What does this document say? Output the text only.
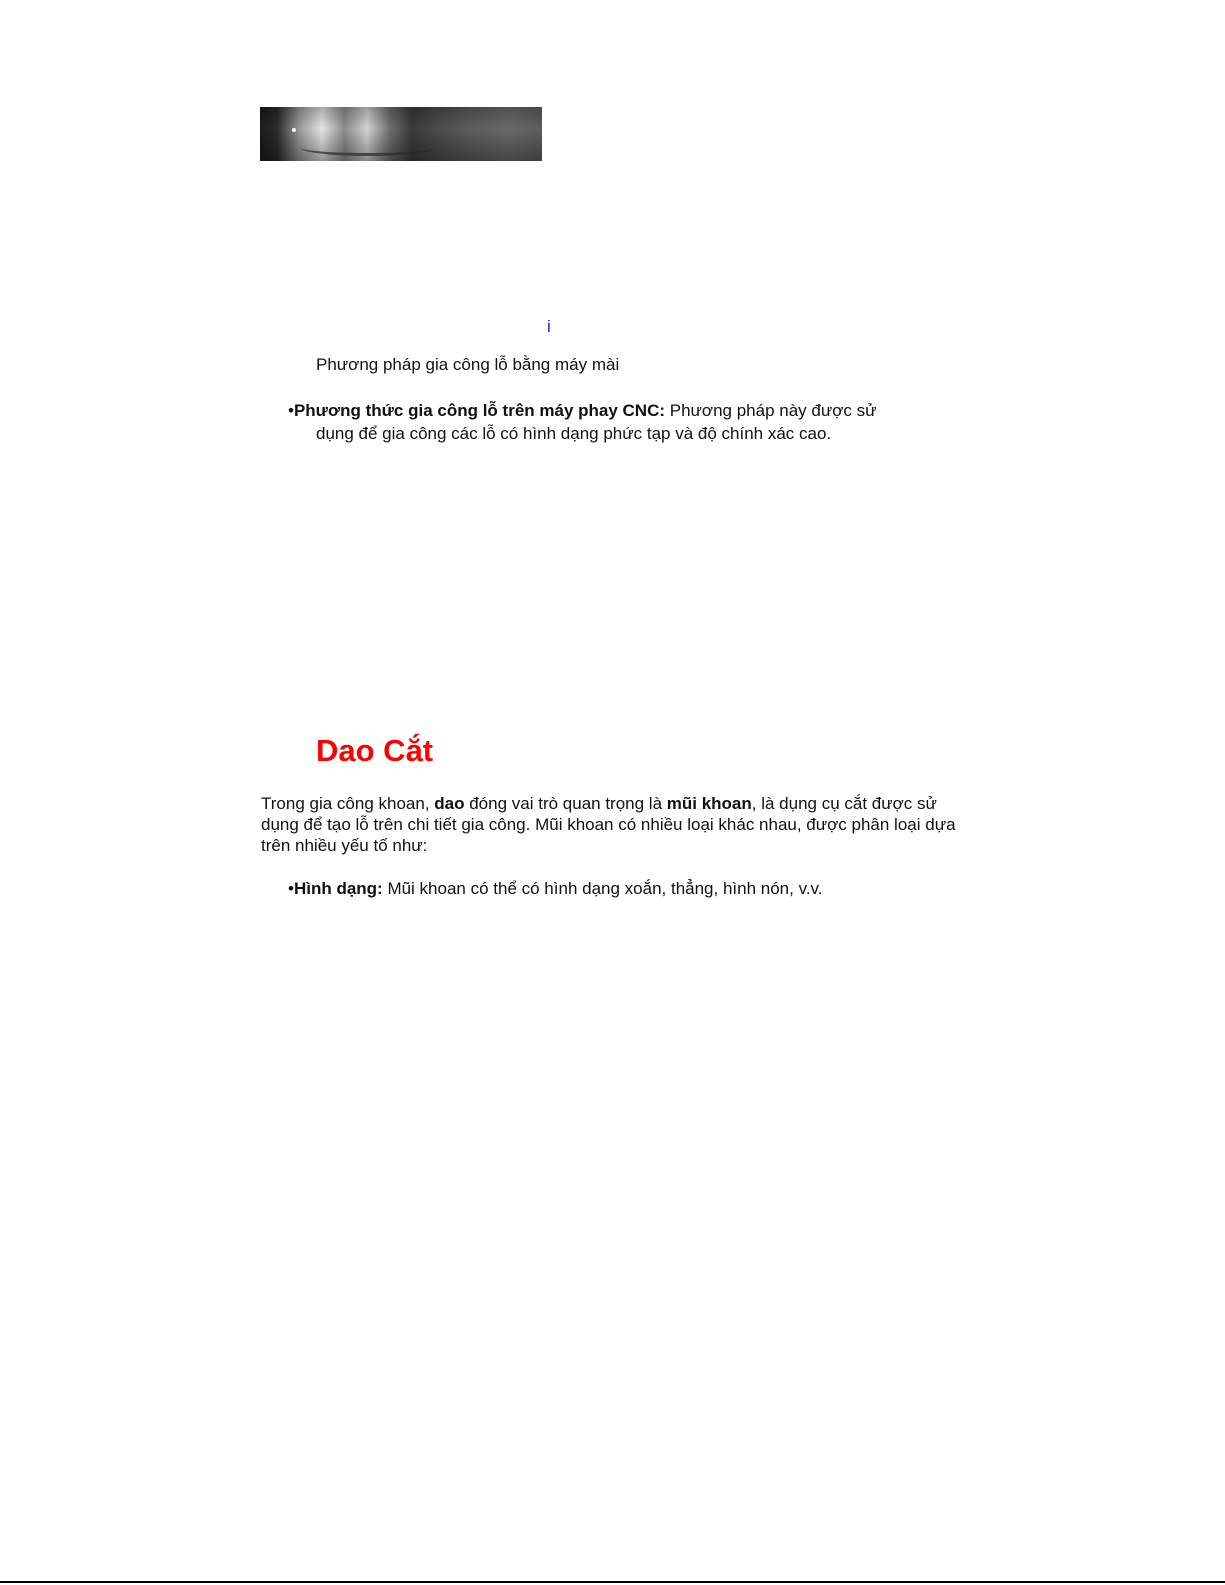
i

Phương pháp gia công lỗ bằng máy mài

•Phương thức gia công lỗ trên máy phay CNC: Phương pháp này được sử
dụng để gia công các lỗ có hình dạng phức tạp và độ chính xác cao.

Dao Cắt

Trong gia công khoan, dao đóng vai trò quan trọng là mũi khoan, là dụng cụ cắt được sử dụng để tạo lỗ trên chi tiết gia công. Mũi khoan có nhiều loại khác nhau, được phân loại dựa trên nhiều yếu tố như:

•Hình dạng: Mũi khoan có thể có hình dạng xoắn, thẳng, hình nón, v.v.
